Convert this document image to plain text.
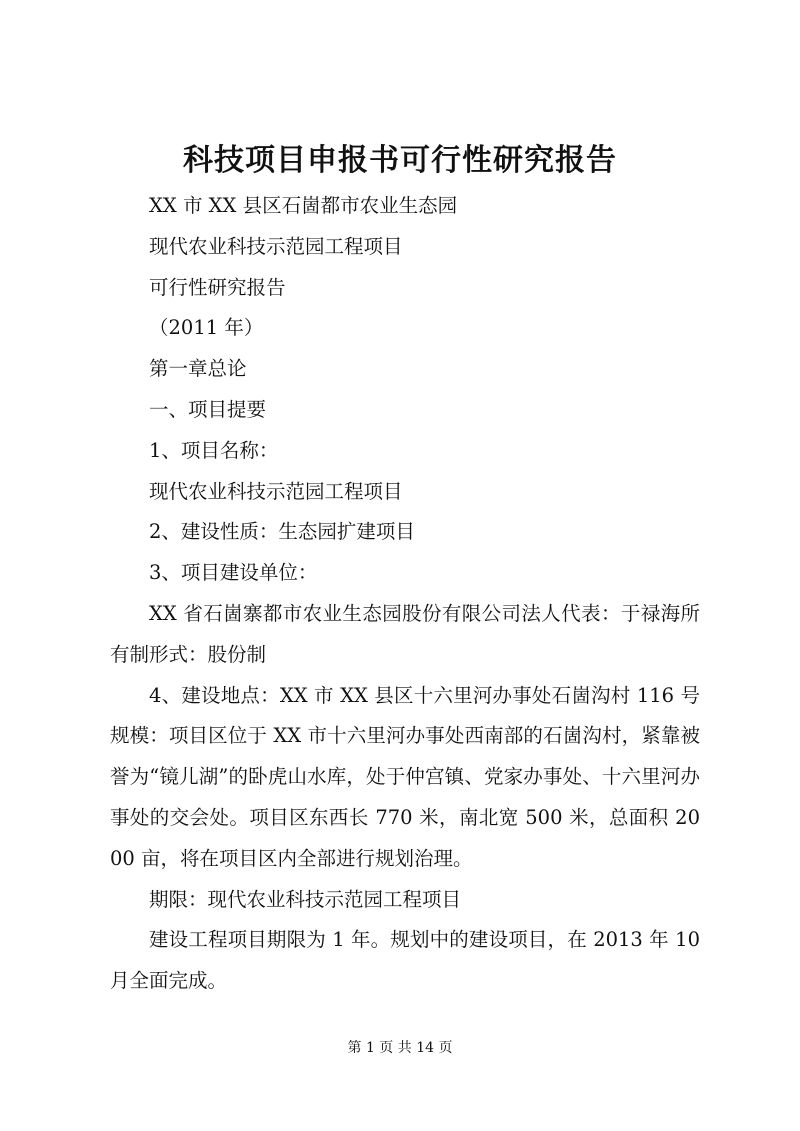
科技项目申报书可行性研究报告

XX 市 XX 县区石崮都市农业生态园

现代农业科技示范园工程项目

可行性研究报告

（2011 年）

第一章总论

一、项目提要

1、项目名称：

现代农业科技示范园工程项目

2、建设性质：生态园扩建项目

3、项目建设单位：

XX 省石崮寨都市农业生态园股份有限公司法人代表：于禄海所有制形式：股份制

4、建设地点：XX 市 XX 县区十六里河办事处石崮沟村 116 号规模：项目区位于 XX 市十六里河办事处西南部的石崮沟村，紧靠被誉为“镜儿湖”的卧虎山水库，处于仲宫镇、党家办事处、十六里河办事处的交会处。项目区东西长 770 米，南北宽 500 米，总面积 2000 亩，将在项目区内全部进行规划治理。

期限：现代农业科技示范园工程项目

建设工程项目期限为 1 年。规划中的建设项目，在 2013 年 10 月全面完成。

第 1 页 共 14 页
